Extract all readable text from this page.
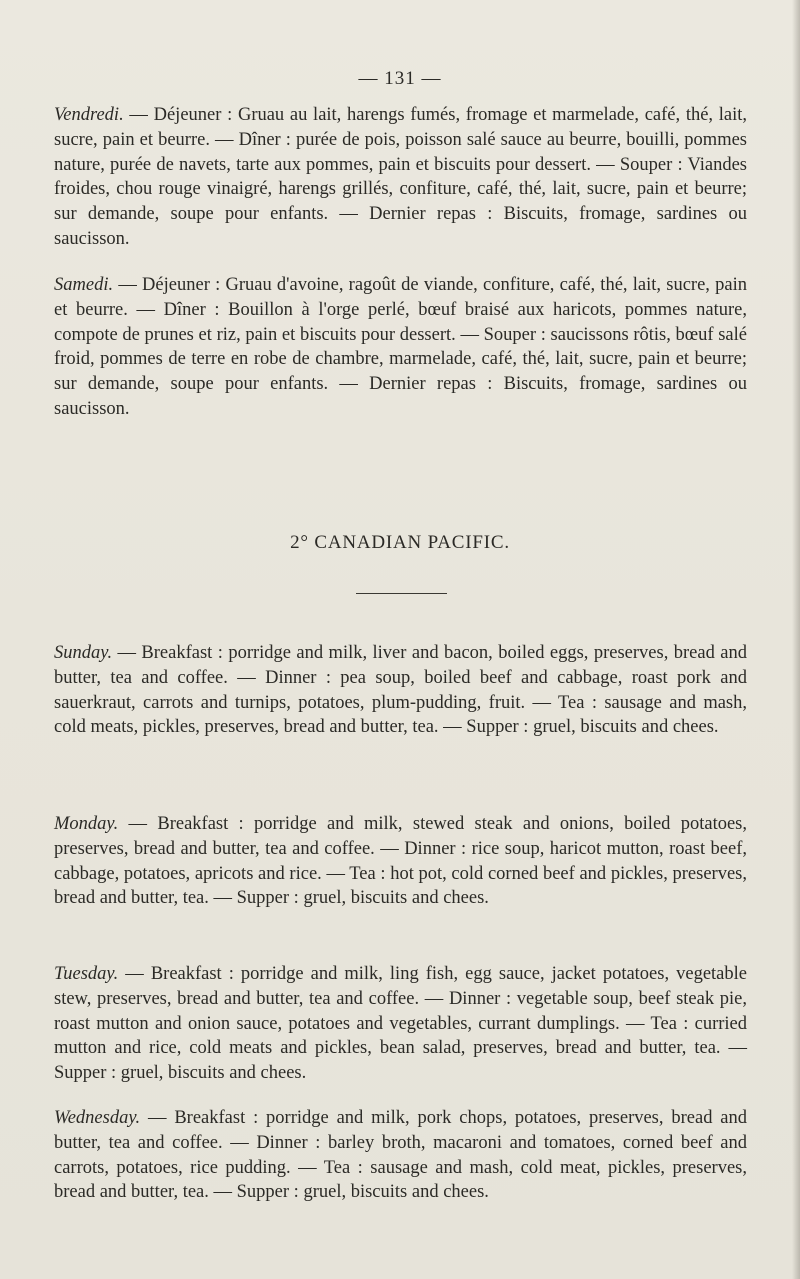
— 131 —

Vendredi. — Déjeuner : Gruau au lait, harengs fumés, fromage et marmelade, café, thé, lait, sucre, pain et beurre. — Dîner : purée de pois, poisson salé sauce au beurre, bouilli, pommes nature, purée de navets, tarte aux pommes, pain et biscuits pour dessert. — Souper : Viandes froides, chou rouge vinaigré, harengs grillés, confiture, café, thé, lait, sucre, pain et beurre; sur demande, soupe pour enfants. — Dernier repas : Biscuits, fromage, sardines ou saucisson.

Samedi. — Déjeuner : Gruau d'avoine, ragoût de viande, confiture, café, thé, lait, sucre, pain et beurre. — Dîner : Bouillon à l'orge perlé, bœuf braisé aux haricots, pommes nature, compote de prunes et riz, pain et biscuits pour dessert. — Souper : saucissons rôtis, bœuf salé froid, pommes de terre en robe de chambre, marmelade, café, thé, lait, sucre, pain et beurre; sur demande, soupe pour enfants. — Dernier repas : Biscuits, fromage, sardines ou saucisson.

2° CANADIAN PACIFIC.

Sunday. — Breakfast : porridge and milk, liver and bacon, boiled eggs, preserves, bread and butter, tea and coffee. — Dinner : pea soup, boiled beef and cabbage, roast pork and sauerkraut, carrots and turnips, potatoes, plum-pudding, fruit. — Tea : sausage and mash, cold meats, pickles, preserves, bread and butter, tea. — Supper : gruel, biscuits and chees.

Monday. — Breakfast : porridge and milk, stewed steak and onions, boiled potatoes, preserves, bread and butter, tea and coffee. — Dinner : rice soup, haricot mutton, roast beef, cabbage, potatoes, apricots and rice. — Tea : hot pot, cold corned beef and pickles, preserves, bread and butter, tea. — Supper : gruel, biscuits and chees.

Tuesday. — Breakfast : porridge and milk, ling fish, egg sauce, jacket potatoes, vegetable stew, preserves, bread and butter, tea and coffee. — Dinner : vegetable soup, beef steak pie, roast mutton and onion sauce, potatoes and vegetables, currant dumplings. — Tea : curried mutton and rice, cold meats and pickles, bean salad, preserves, bread and butter, tea. — Supper : gruel, biscuits and chees.

Wednesday. — Breakfast : porridge and milk, pork chops, potatoes, preserves, bread and butter, tea and coffee. — Dinner : barley broth, macaroni and tomatoes, corned beef and carrots, potatoes, rice pudding. — Tea : sausage and mash, cold meat, pickles, preserves, bread and butter, tea. — Supper : gruel, biscuits and chees.
